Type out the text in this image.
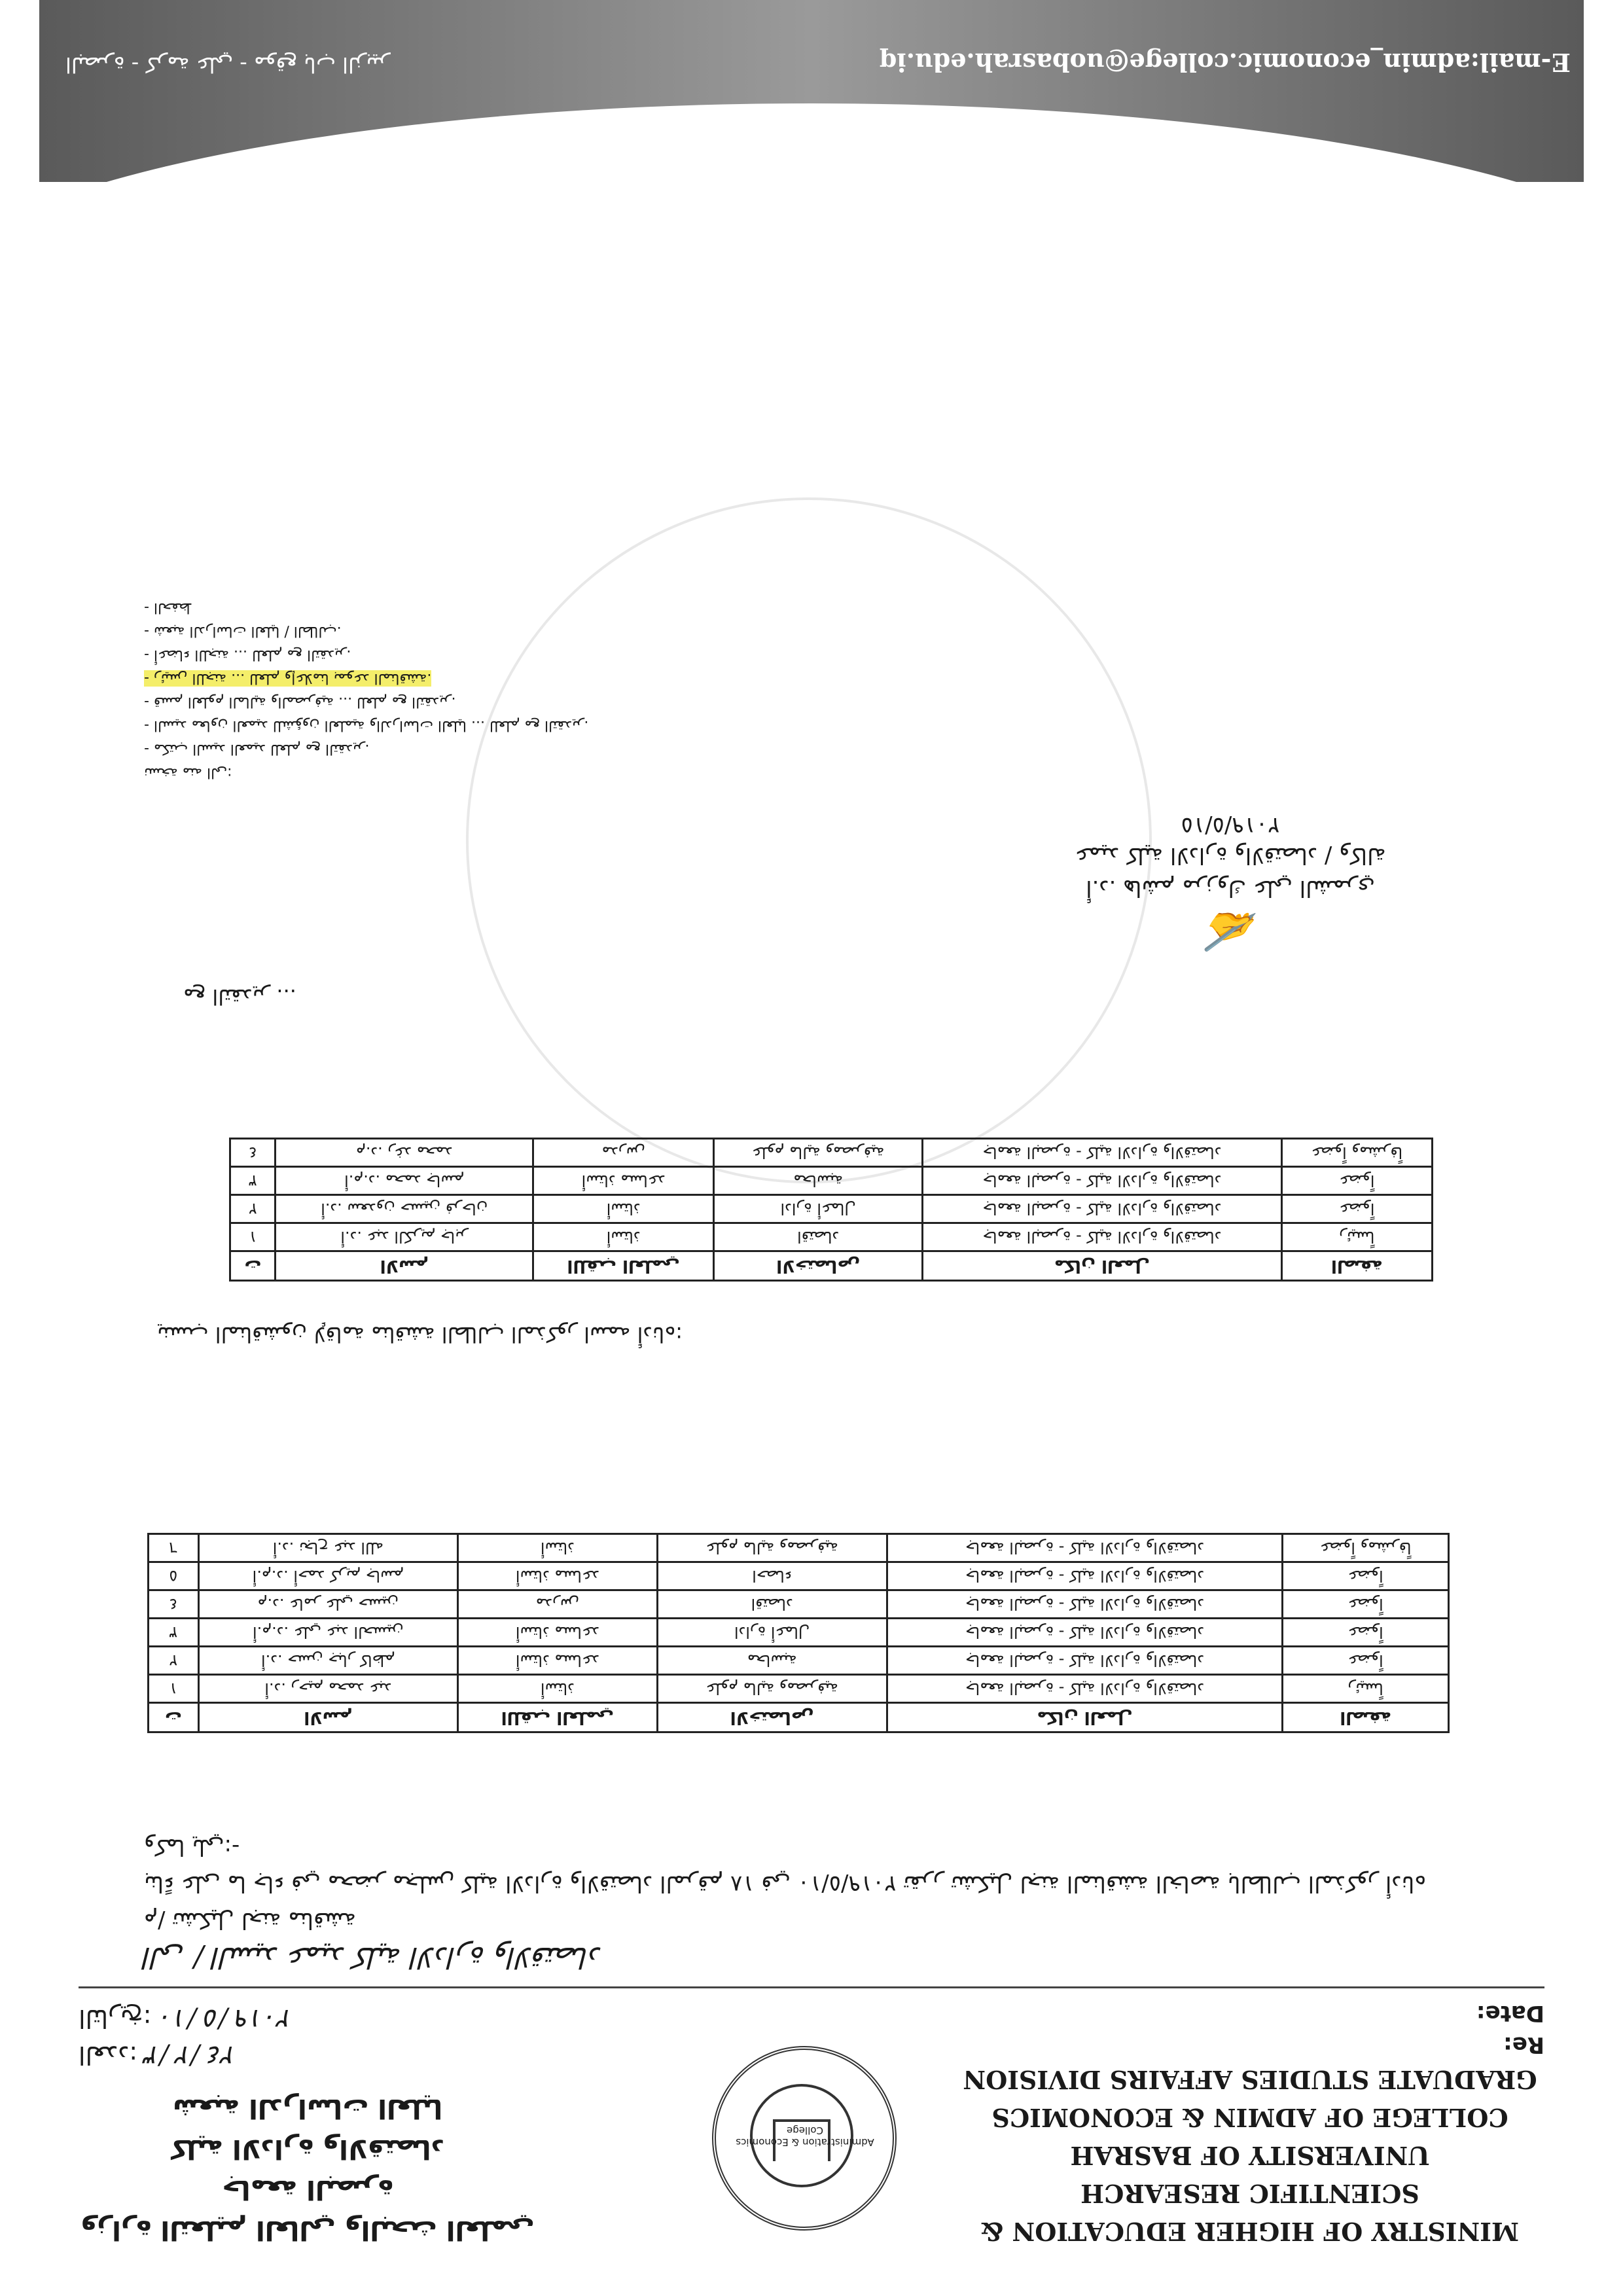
MINISTRY OF HIGHER EDUCATION &
SCIENTIFIC RESEARCH
UNIVERSITY OF BASRAH
COLLEGE OF ADMIN & ECONOMICS
GRADUATE STUDIES AFFAIRS DIVISION
Administration & Economics College
وزارة التعليم العالي والبحث العلمي
جامعة البصرة
كلية الادارة والاقتصاد
شعبة الدراسات العليا
Re:
Date:
العدد:	٣/ ٢/ ٢٤
التاريخ:	١٠/ ٥/ ٢٠١٩
الى / السيد عميد كلية الادارة والاقتصاد
م/ تشكيل لجنة مناقشة
بناءً على ما جاء في محضر مجلس كلية الادارة والاقتصاد المرقم ١٨ في ٢٠١٩/٥/١٠ تقرر تشكيل لجنة المناقشة الخاصة بالطالب المذكور أدناه وكما يلي:-
ت	الاسم	اللقب العلمي	الاختصاص	مكان العمل	الصفة
١	أ.د. رحيم محمد عبد	أستاذ	علوم مالية ومصرفية	جامعة البصرة - كلية الادارة والاقتصاد	رئيساً
٢	أ.د. حسن جبار كاظم	أستاذ مساعد	محاسبة	جامعة البصرة - كلية الادارة والاقتصاد	عضواً
٣	أ.م.د. علي عبد الحسين	أستاذ مساعد	ادارة أعمال	جامعة البصرة - كلية الادارة والاقتصاد	عضواً
٤	م.د. عامر علي حسين	مدرس	اقتصاد	جامعة البصرة - كلية الادارة والاقتصاد	عضواً
٥	أ.م.د. أحمد كريم جاسم	أستاذ مساعد	احصاء	جامعة البصرة - كلية الادارة والاقتصاد	عضواً
٦	أ.د. نجاح عبد الله	أستاذ	علوم مالية ومصرفية	جامعة البصرة - كلية الادارة والاقتصاد	عضواً ومشرفاً
ينسب المناقشون لإقامة مناقشة الطالب المذكور اسمه أدناه:
ت	الاسم	اللقب العلمي	الاختصاص	مكان العمل	الصفة
١	أ.د. عبد الكريم جابر	أستاذ	اقتصاد	جامعة البصرة - كلية الادارة والاقتصاد	رئيساً
٢	أ.د. سعدون حسين فرحان	أستاذ	ادارة أعمال	جامعة البصرة - كلية الادارة والاقتصاد	عضواً
٣	أ.م.د. محمد جاسم	أستاذ مساعد	محاسبة	جامعة البصرة - كلية الادارة والاقتصاد	عضواً
٤	م.د. رغد محمد	مدرس	علوم مالية ومصرفية	جامعة البصرة - كلية الادارة والاقتصاد	عضواً ومشرفاً
مع التقدير ...
✍
أ.د. هاشم مرزوك علي الشمري
عميد كلية الادارة والاقتصاد / وكالة
٢٠١٩/٥/١٥
نسخة منه الى:
- مكتب السيد العميد للعلم مع التقدير.
- السيد معاون العميد للشؤون العلمية والدراسات العليا ... للعلم مع التقدير.
- قسم العلوم المالية والمصرفية ... للعلم مع التقدير.
- رئيس اللجنة ... للعلم وإعلامنا بموعد المناقشة.
- أعضاء اللجنة ... للعلم مع التقدير.
- شعبة الدراسات العليا / الطالب.
- الحفظ
E-mail:admin_economic.college@uobasrah.edu.iq
البصرة - كرمة علي - موقع باب الزبير
